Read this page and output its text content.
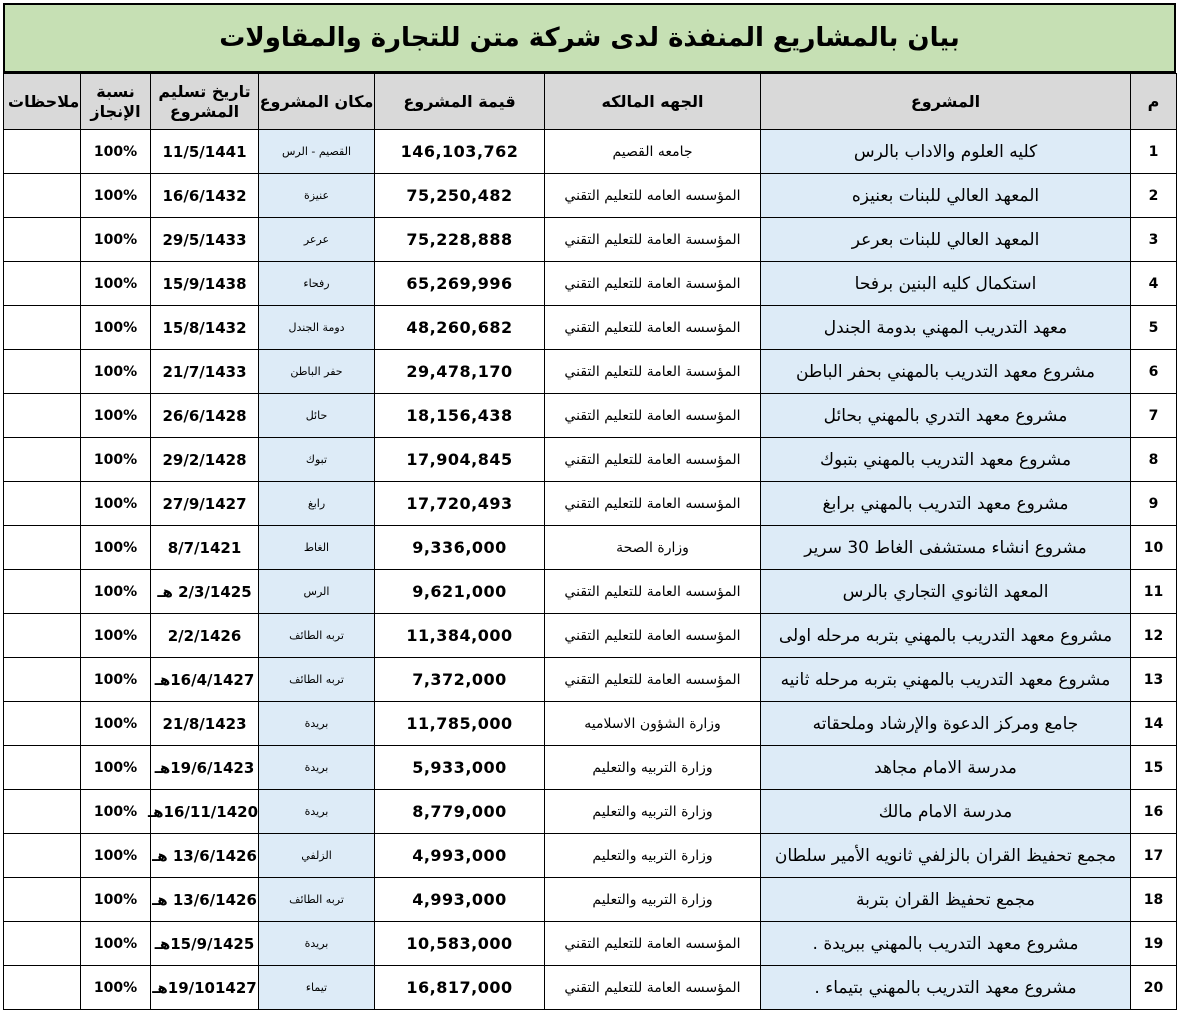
بيان بالمشاريع المنفذة لدى شركة متن للتجارة والمقاولات
م	المشروع	الجهه المالكه	قيمة المشروع	مكان المشروع	تاريخ تسليم المشروع	نسبة الإنجاز	ملاحظات
1	كليه العلوم والاداب بالرس	جامعه القصيم	146,103,762	القصيم - الرس	11/5/1441	100%	
2	المعهد العالي للبنات بعنيزه	المؤسسه العامه للتعليم التقني	75,250,482	عنيزة	16/6/1432	100%	
3	المعهد العالي للبنات بعرعر	المؤسسة العامة للتعليم التقني	75,228,888	عرعر	29/5/1433	100%	
4	استكمال كليه البنين برفحا	المؤسسة العامة للتعليم التقني	65,269,996	رفحاء	15/9/1438	100%	
5	معهد التدريب المهني بدومة الجندل	المؤسسه العامة للتعليم التقني	48,260,682	دومة الجندل	15/8/1432	100%	
6	مشروع معهد التدريب بالمهني بحفر الباطن	المؤسسة العامة للتعليم التقني	29,478,170	حفر الباطن	21/7/1433	100%	
7	مشروع معهد التدري بالمهني بحائل	المؤسسه العامة للتعليم التقني	18,156,438	حائل	26/6/1428	100%	
8	مشروع معهد التدريب بالمهني بتبوك	المؤسسه العامة للتعليم التقني	17,904,845	تبوك	29/2/1428	100%	
9	مشروع معهد التدريب بالمهني برابغ	المؤسسه العامة للتعليم التقني	17,720,493	رابغ	27/9/1427	100%	
10	مشروع انشاء مستشفى الغاط 30 سرير	وزارة الصحة	9,336,000	الغاط	8/7/1421	100%	
11	المعهد الثانوي التجاري بالرس	المؤسسه العامة للتعليم التقني	9,621,000	الرس	2/3/1425 هـ	100%	
12	مشروع معهد التدريب بالمهني بتربه مرحله اولى	المؤسسه العامة للتعليم التقني	11,384,000	تربه الطائف	2/2/1426	100%	
13	مشروع معهد التدريب بالمهني بتربه مرحله ثانيه	المؤسسه العامة للتعليم التقني	7,372,000	تربه الطائف	16/4/1427هـ	100%	
14	جامع ومركز الدعوة والإرشاد وملحقاته	وزارة الشؤون الاسلاميه	11,785,000	بريدة	21/8/1423	100%	
15	مدرسة الامام مجاهد	وزارة التربيه والتعليم	5,933,000	بريدة	19/6/1423هـ	100%	
16	مدرسة الامام مالك	وزارة التربيه والتعليم	8,779,000	بريدة	16/11/1420هـ	100%	
17	مجمع تحفيظ القران بالزلفي ثانويه الأمير سلطان	وزارة التربيه والتعليم	4,993,000	الزلفي	13/6/1426 هـ	100%	
18	مجمع تحفيظ القران بتربة	وزارة التربيه والتعليم	4,993,000	تربه الطائف	13/6/1426 هـ	100%	
19	مشروع معهد التدريب بالمهني ببريدة .	المؤسسه العامة للتعليم التقني	10,583,000	بريدة	15/9/1425هـ	100%	
20	مشروع معهد التدريب بالمهني بتيماء .	المؤسسه العامة للتعليم التقني	16,817,000	تيماء	19/101427هـ	100%	
